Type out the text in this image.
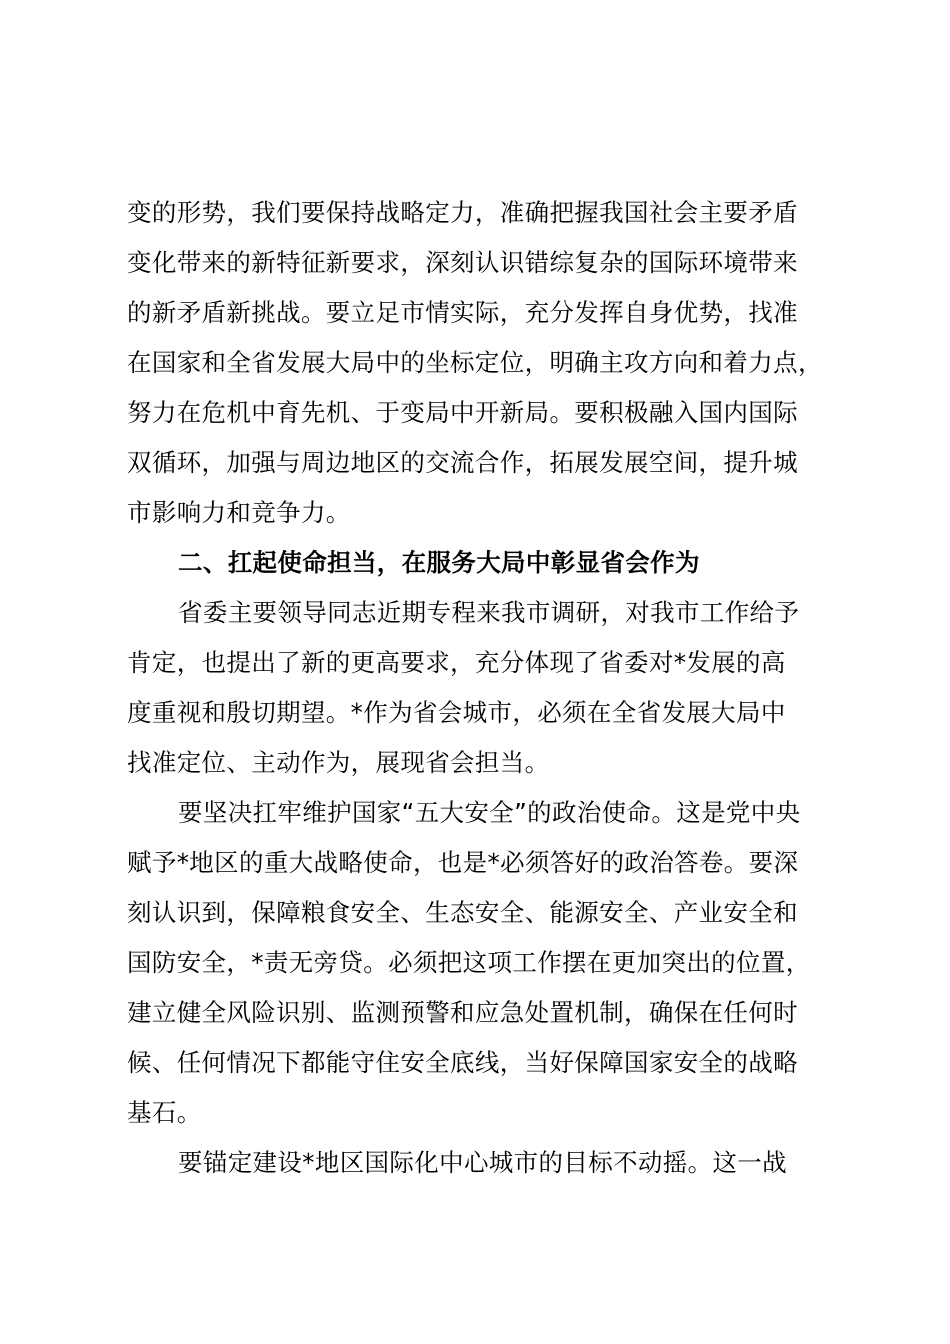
变的形势，我们要保持战略定力，准确把握我国社会主要矛盾
变化带来的新特征新要求，深刻认识错综复杂的国际环境带来
的新矛盾新挑战。要立足市情实际，充分发挥自身优势，找准
在国家和全省发展大局中的坐标定位，明确主攻方向和着力点，
努力在危机中育先机、于变局中开新局。要积极融入国内国际
双循环，加强与周边地区的交流合作，拓展发展空间，提升城
市影响力和竞争力。
二、扛起使命担当，在服务大局中彰显省会作为
省委主要领导同志近期专程来我市调研，对我市工作给予
肯定，也提出了新的更高要求，充分体现了省委对*发展的高
度重视和殷切期望。*作为省会城市，必须在全省发展大局中
找准定位、主动作为，展现省会担当。
要坚决扛牢维护国家“五大安全”的政治使命。这是党中央
赋予*地区的重大战略使命，也是*必须答好的政治答卷。要深
刻认识到，保障粮食安全、生态安全、能源安全、产业安全和
国防安全，*责无旁贷。必须把这项工作摆在更加突出的位置，
建立健全风险识别、监测预警和应急处置机制，确保在任何时
候、任何情况下都能守住安全底线，当好保障国家安全的战略
基石。
要锚定建设*地区国际化中心城市的目标不动摇。这一战
